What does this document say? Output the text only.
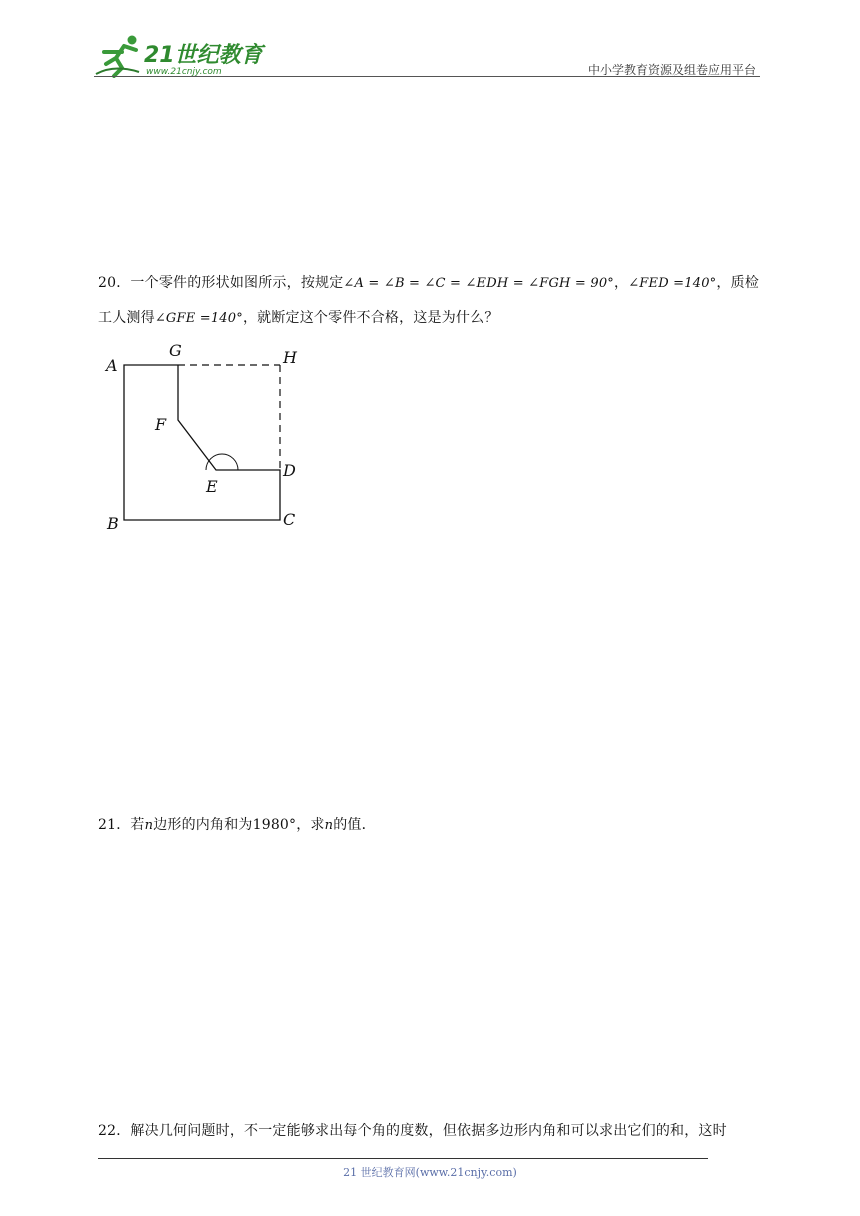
21世纪教育
www.21cnjy.com	中小学教育资源及组卷应用平台
20．一个零件的形状如图所示，按规定∠A = ∠B = ∠C = ∠EDH = ∠FGH = 90°，∠FED =140°，质检工人测得∠GFE =140°，就断定这个零件不合格，这是为什么？
A
G	H
F
E
D
B	C
21．若n边形的内角和为1980°，求n的值．
22．解决几何问题时，不一定能够求出每个角的度数，但依据多边形内角和可以求出它们的和，这时
21 世纪教育网(www.21cnjy.com)
